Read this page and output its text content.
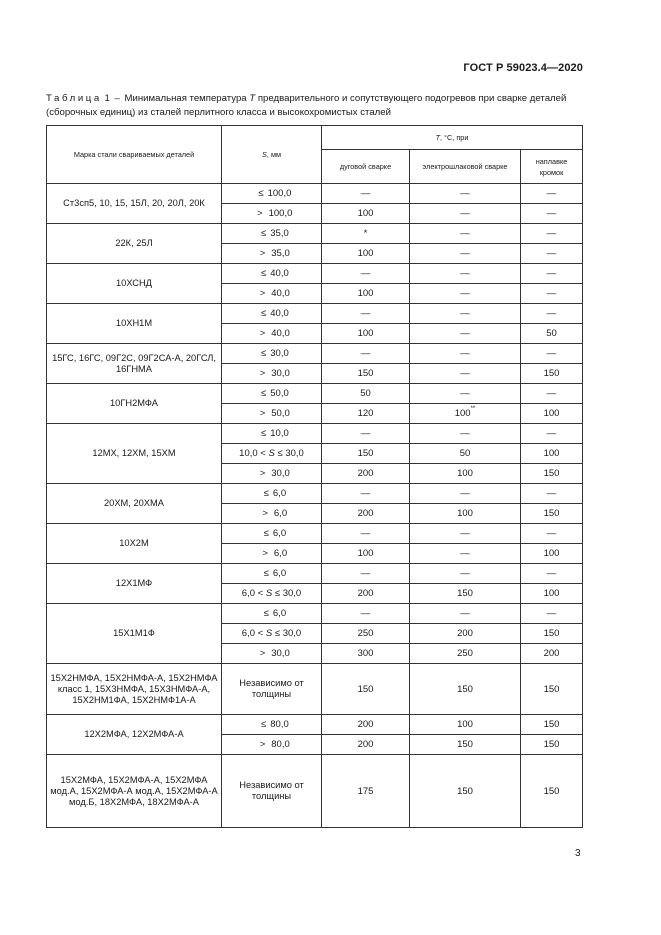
ГОСТ Р 59023.4—2020
Таблица 1 – Минимальная температура T предварительного и сопутствующего подогревов при сварке деталей (сборочных единиц) из сталей перлитного класса и высокохромистых сталей
Марка стали свариваемых деталей	S, мм	T, °C, при		
		дуговой сварке	электрошлаковой сварке	наплавке кромок
Ст3сп5, 10, 15, 15Л, 20, 20Л, 20К	≤ 100,0	—	—	—
	> 100,0	100	—	—
22К, 25Л	≤ 35,0	*	—	—
	> 35,0	100	—	—
10ХСНД	≤ 40,0	—	—	—
	> 40,0	100	—	—
10ХН1М	≤ 40,0	—	—	—
	> 40,0	100	—	50
15ГС, 16ГС, 09Г2С, 09Г2СА-А, 20ГСЛ, 16ГНМА	≤ 30,0	—	—	—
	> 30,0	150	—	150
10ГН2МФА	≤ 50,0	50	—	—
	> 50,0	120	100**	100
12МХ, 12ХМ, 15ХМ	≤ 10,0	—	—	—
	10,0 < S ≤ 30,0	150	50	100
	> 30,0	200	100	150
20ХМ, 20ХМА	≤ 6,0	—	—	—
	> 6,0	200	100	150
10Х2М	≤ 6,0	—	—	—
	> 6,0	100	—	100
12Х1МФ	≤ 6,0	—	—	—
	6,0 < S ≤ 30,0	200	150	100
15Х1М1Ф	≤ 6,0	—	—	—
	6,0 < S ≤ 30,0	250	200	150
	> 30,0	300	250	200
15Х2НМФА, 15Х2НМФА-А, 15Х2НМФА класс 1, 15Х3НМФА, 15Х3НМФА-А, 15Х2НМ1ФА, 15Х2НМФ1А-А	Независимо от толщины	150	150	150
12Х2МФА, 12Х2МФА-А	≤ 80,0	200	100	150
	> 80,0	200	150	150
15Х2МФА, 15Х2МФА-А, 15Х2МФА мод.А, 15Х2МФА-А мод.А, 15Х2МФА-А мод.Б, 18Х2МФА, 18Х2МФА-А	Независимо от толщины	175	150	150
3
